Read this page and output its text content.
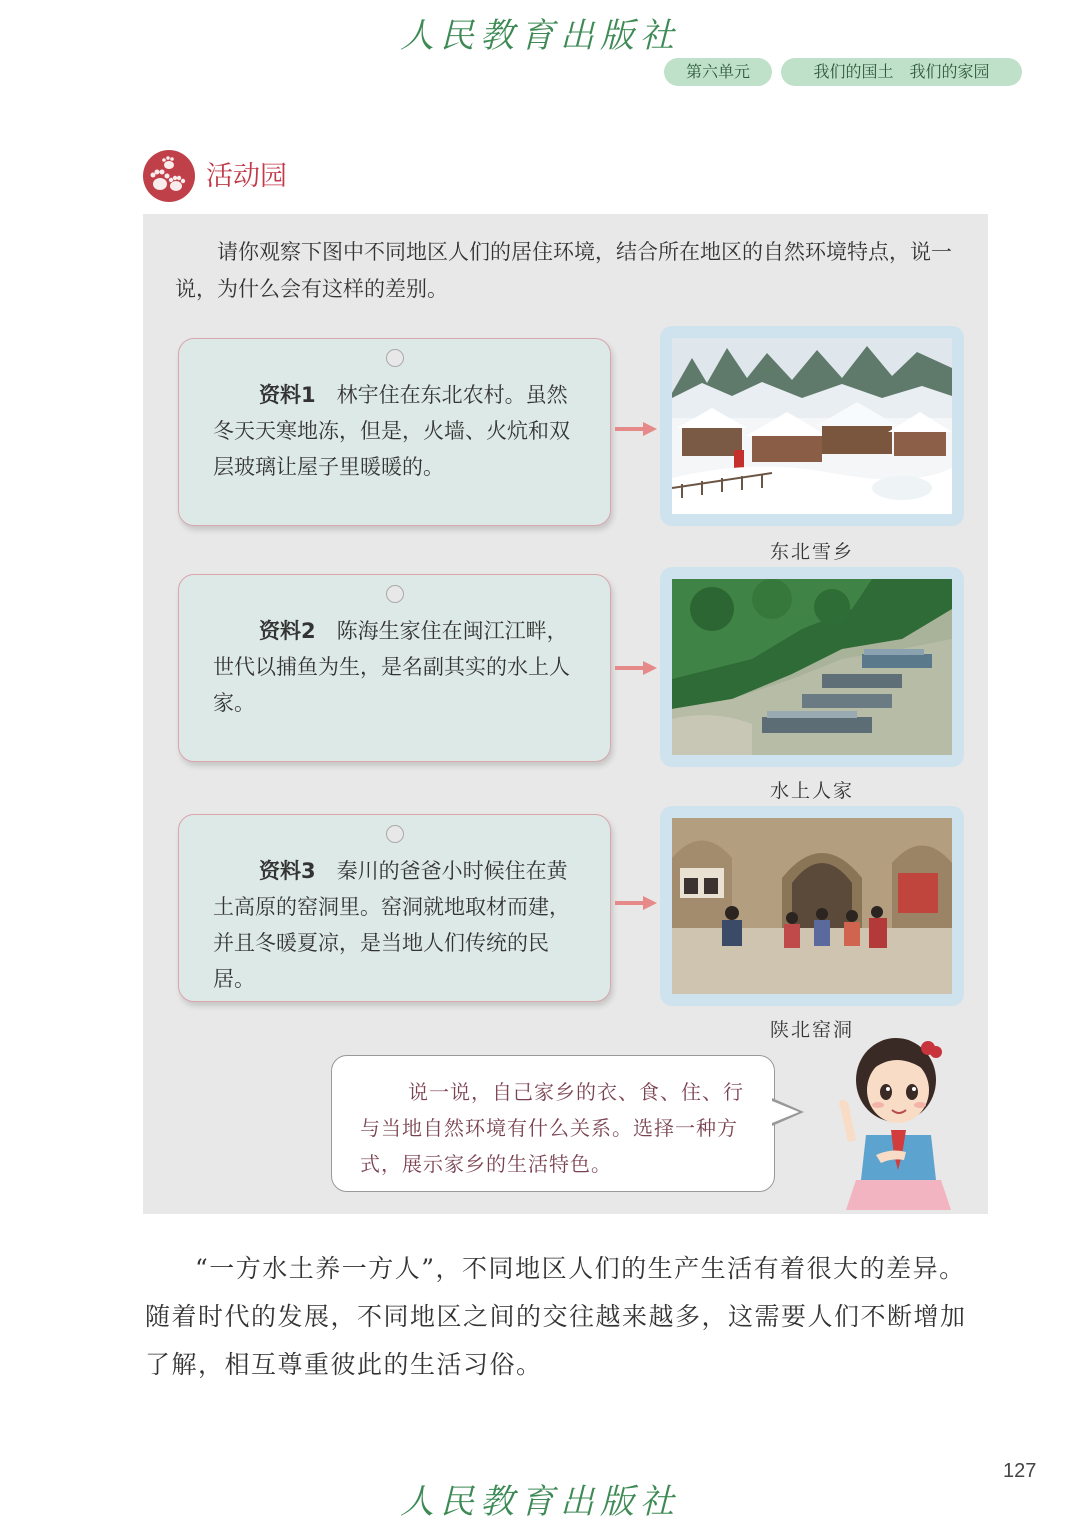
人民教育出版社
第六单元	我们的国土　我们的家园
活动园
请你观察下图中不同地区人们的居住环境，结合所在地区的自然环境特点，说一说，为什么会有这样的差别。
资料1　 林宇住在东北农村。虽然冬天天寒地冻，但是，火墙、火炕和双层玻璃让屋子里暖暖的。
东北雪乡
资料2　 陈海生家住在闽江江畔，世代以捕鱼为生，是名副其实的水上人家。
水上人家
资料3　 秦川的爸爸小时候住在黄土高原的窑洞里。窑洞就地取材而建，并且冬暖夏凉，是当地人们传统的民居。
陕北窑洞
说一说，自己家乡的衣、食、住、行与当地自然环境有什么关系。选择一种方式，展示家乡的生活特色。
“一方水土养一方人”，不同地区人们的生产生活有着很大的差异。随着时代的发展，不同地区之间的交往越来越多，这需要人们不断增加了解，相互尊重彼此的生活习俗。
127
人民教育出版社
